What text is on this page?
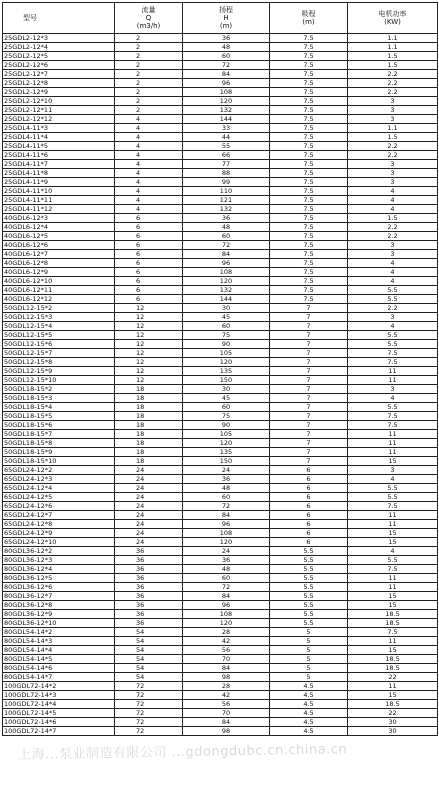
型号	流量
Q
(m3/h)	扬程
H
(m)	吸程
(m)	电机功率
(KW)

25GDL2-12*3	2	36	7.5	1.1
25GDL2-12*4	2	48	7.5	1.1
25GDL2-12*5	2	60	7.5	1.5
25GDL2-12*6	2	72	7.5	1.5
25GDL2-12*7	2	84	7.5	2.2
25GDL2-12*8	2	96	7.5	2.2
25GDL2-12*9	2	108	7.5	2.2
25GDL2-12*10	2	120	7.5	3
25GDL2-12*11	2	132	7.5	3
25GDL2-12*12	4	144	7.5	3
25GDL4-11*3	4	33	7.5	1.1
25GDL4-11*4	4	44	7.5	1.5
25GDL4-11*5	4	55	7.5	2.2
25GDL4-11*6	4	66	7.5	2.2
25GDL4-11*7	4	77	7.5	3
25GDL4-11*8	4	88	7.5	3
25GDL4-11*9	4	99	7.5	3
25GDL4-11*10	4	110	7.5	4
25GDL4-11*11	4	121	7.5	4
25GDL4-11*12	4	132	7.5	4
40GDL6-12*3	6	36	7.5	1.5
40GDL6-12*4	6	48	7.5	2.2
40GDL6-12*5	6	60	7.5	2.2
40GDL6-12*6	6	72	7.5	3
40GDL6-12*7	6	84	7.5	3
40GDL6-12*8	6	96	7.5	4
40GDL6-12*9	6	108	7.5	4
40GDL6-12*10	6	120	7.5	4
40GDL6-12*11	6	132	7.5	5.5
40GDL6-12*12	6	144	7.5	5.5
50GDL12-15*2	12	30	7	2.2
50GDL12-15*3	12	45	7	3
50GDL12-15*4	12	60	7	4
50GDL12-15*5	12	75	7	5.5
50GDL12-15*6	12	90	7	5.5
50GDL12-15*7	12	105	7	7.5
50GDL12-15*8	12	120	7	7.5
50GDL12-15*9	12	135	7	11
50GDL12-15*10	12	150	7	11
50GDL18-15*2	18	30	7	3
50GDL18-15*3	18	45	7	4
50GDL18-15*4	18	60	7	5.5
50GDL18-15*5	18	75	7	7.5
50GDL18-15*6	18	90	7	7.5
50GDL18-15*7	18	105	7	11
50GDL18-15*8	18	120	7	11
50GDL18-15*9	18	135	7	11
50GDL18-15*10	18	150	7	15
65GDL24-12*2	24	24	6	3
65GDL24-12*3	24	36	6	4
65GDL24-12*4	24	48	6	5.5
65GDL24-12*5	24	60	6	5.5
65GDL24-12*6	24	72	6	7.5
65GDL24-12*7	24	84	6	11
65GDL24-12*8	24	96	6	11
65GDL24-12*9	24	108	6	15
65GDL24-12*10	24	120	6	15
80GDL36-12*2	36	24	5.5	4
80GDL36-12*3	36	36	5.5	5.5
80GDL36-12*4	36	48	5.5	7.5
80GDL36-12*5	36	60	5.5	11
80GDL36-12*6	36	72	5.5	11
80GDL36-12*7	36	84	5.5	15
80GDL36-12*8	36	96	5.5	15
80GDL36-12*9	36	108	5.5	18.5
80GDL36-12*10	36	120	5.5	18.5
80GDL54-14*2	54	28	5	7.5
80GDL54-14*3	54	42	5	11
80GDL54-14*4	54	56	5	15
80GDL54-14*5	54	70	5	18.5
80GDL54-14*6	54	84	5	18.5
80GDL54-14*7	54	98	5	22
100GDL72-14*2	72	28	4.5	11
100GDL72-14*3	72	42	4.5	15
100GDL72-14*4	72	56	4.5	18.5
100GDL72-14*5	72	70	4.5	22
100GDL72-14*6	72	84	4.5	30
100GDL72-14*7	72	98	4.5	30
上海...泵业制造有限公司 ...gdongdubc.cn.china.cn
